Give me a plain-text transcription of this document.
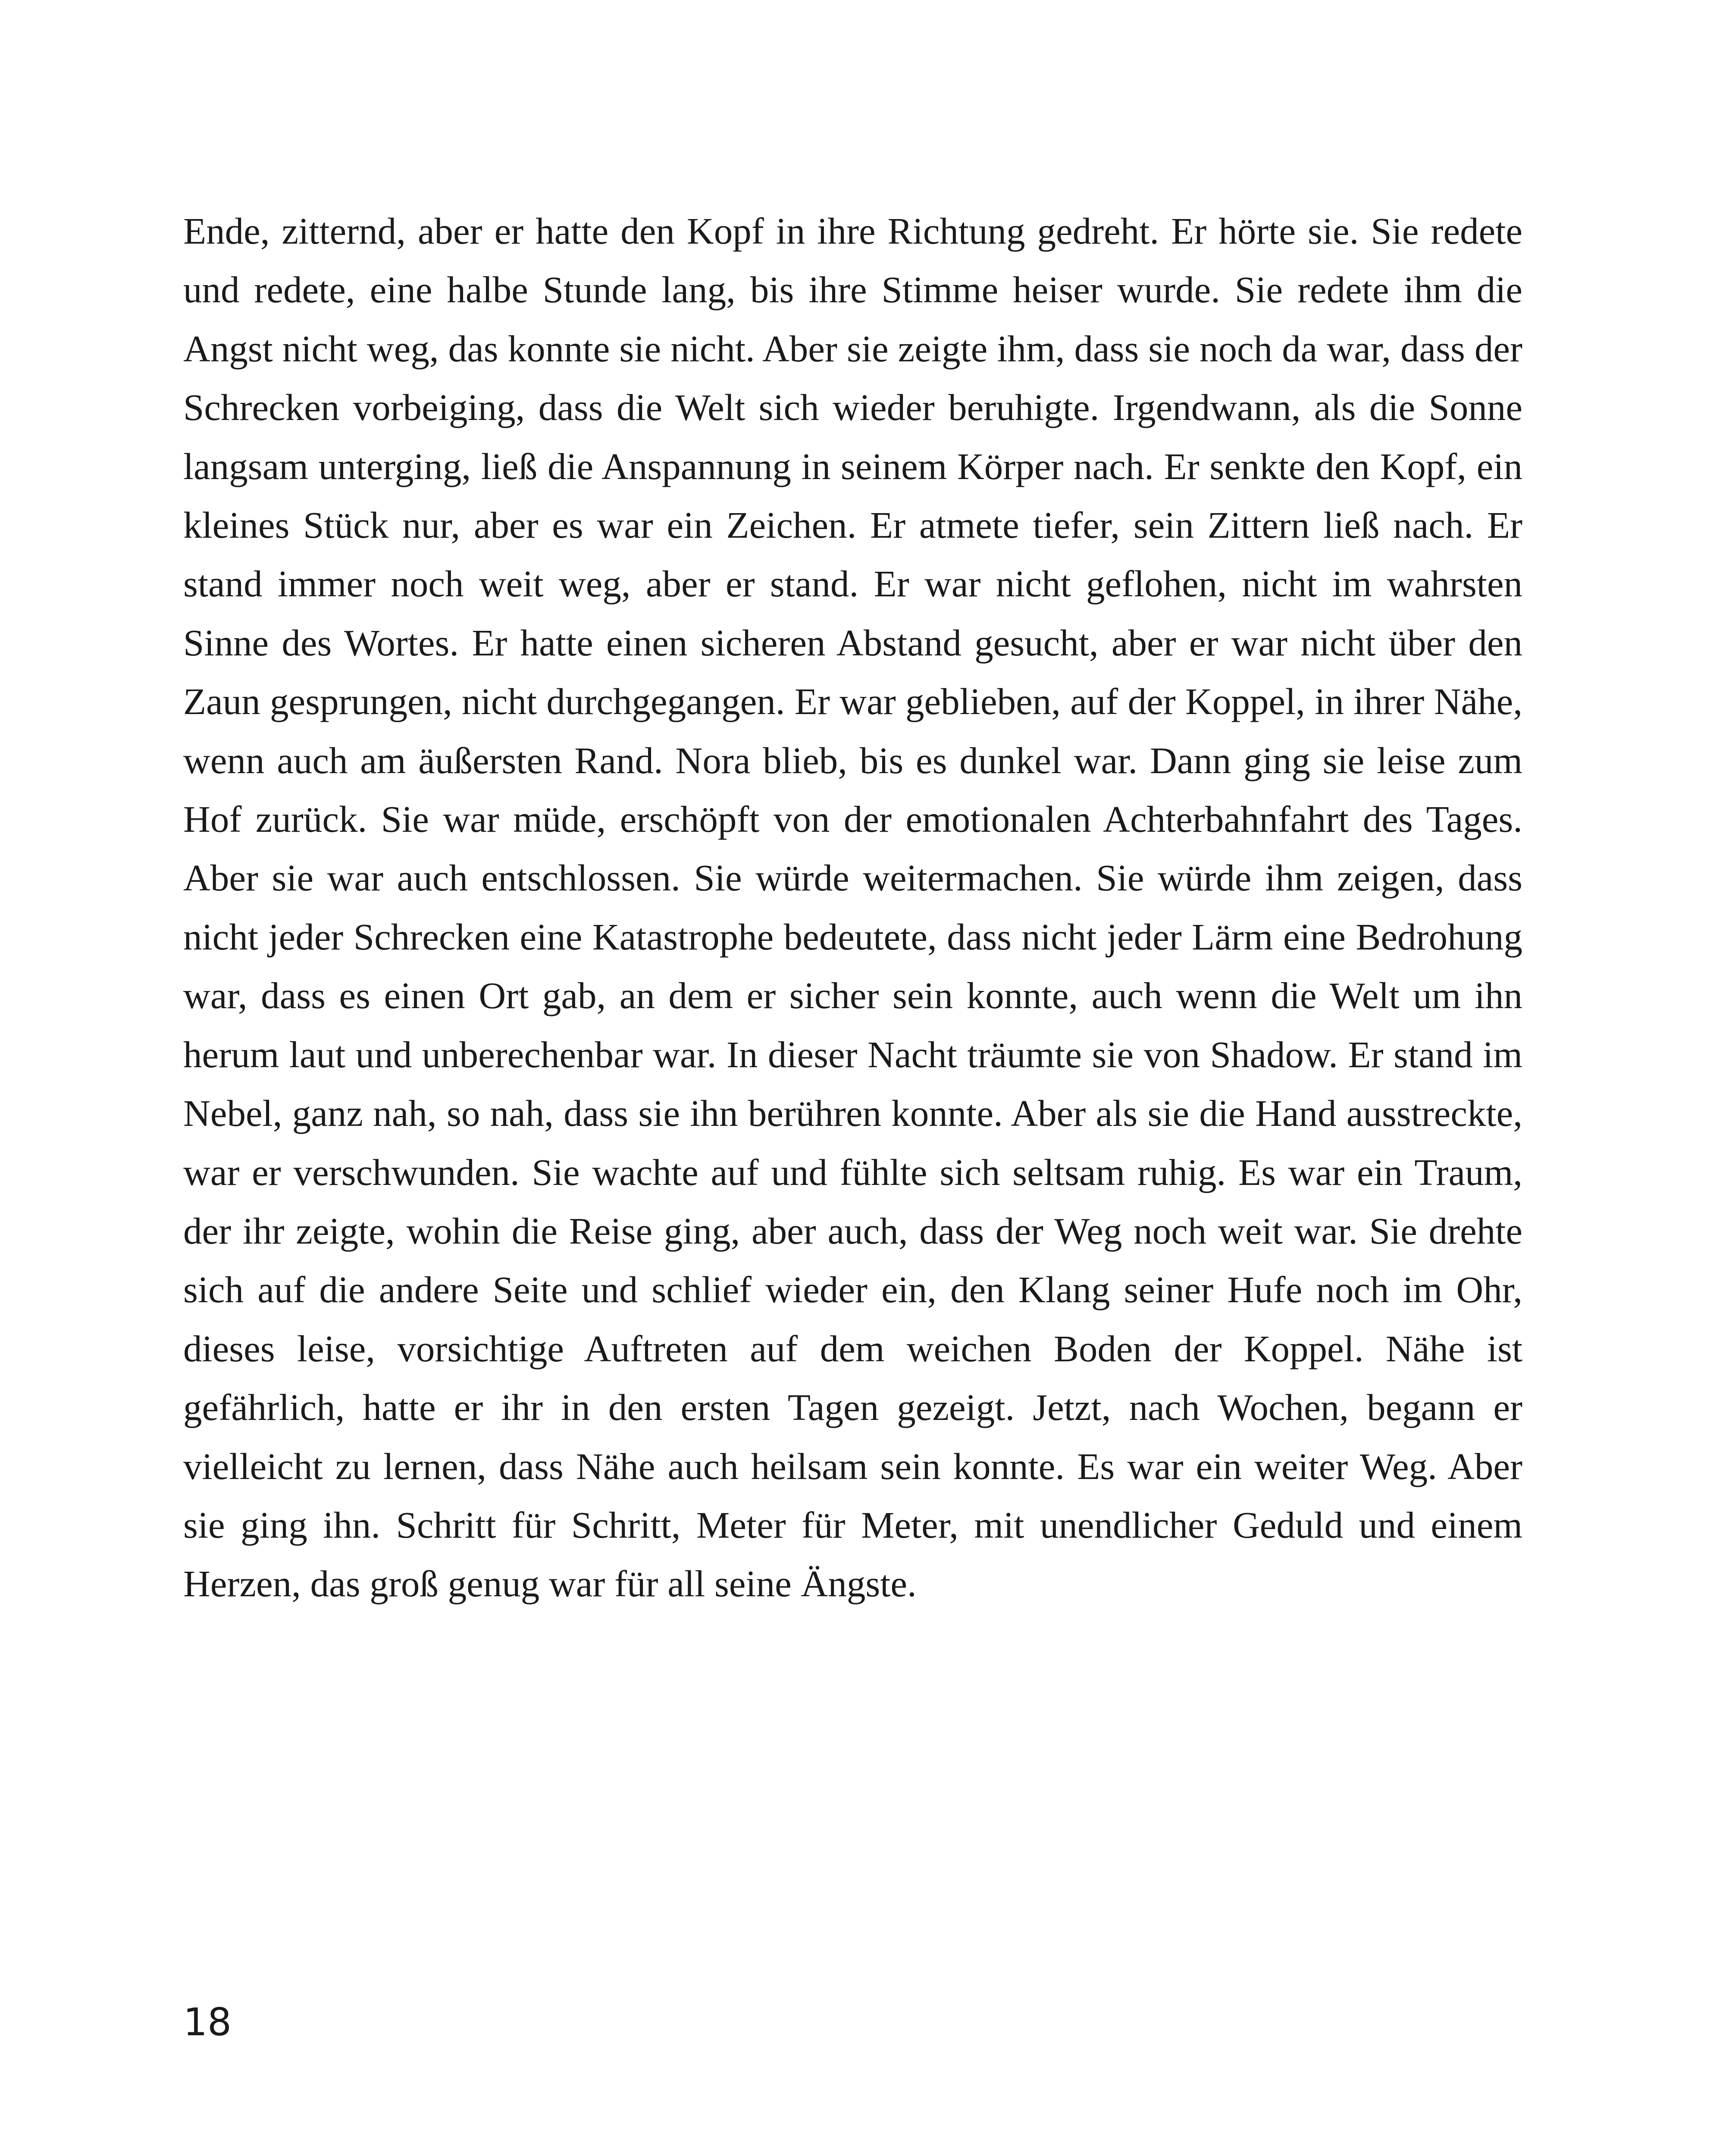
Ende, zitternd, aber er hatte den Kopf in ihre Richtung gedreht. Er hörte sie. Sie redete und redete, eine halbe Stunde lang, bis ihre Stimme heiser wurde. Sie redete ihm die Angst nicht weg, das konnte sie nicht. Aber sie zeigte ihm, dass sie noch da war, dass der Schrecken vorbeiging, dass die Welt sich wieder beruhigte. Irgendwann, als die Sonne langsam unterging, ließ die Anspannung in seinem Körper nach. Er senkte den Kopf, ein kleines Stück nur, aber es war ein Zeichen. Er atmete tiefer, sein Zittern ließ nach. Er stand immer noch weit weg, aber er stand. Er war nicht geflohen, nicht im wahrsten Sinne des Wortes. Er hatte einen sicheren Abstand gesucht, aber er war nicht über den Zaun gesprungen, nicht durchgegangen. Er war geblieben, auf der Koppel, in ihrer Nähe, wenn auch am äußersten Rand. Nora blieb, bis es dunkel war. Dann ging sie leise zum Hof zurück. Sie war müde, erschöpft von der emotionalen Achterbahnfahrt des Tages. Aber sie war auch entschlossen. Sie würde weitermachen. Sie würde ihm zeigen, dass nicht jeder Schrecken eine Katastrophe bedeutete, dass nicht jeder Lärm eine Bedrohung war, dass es einen Ort gab, an dem er sicher sein konnte, auch wenn die Welt um ihn herum laut und unberechenbar war. In dieser Nacht träumte sie von Shadow. Er stand im Nebel, ganz nah, so nah, dass sie ihn berühren konnte. Aber als sie die Hand ausstreckte, war er verschwunden. Sie wachte auf und fühlte sich seltsam ruhig. Es war ein Traum, der ihr zeigte, wohin die Reise ging, aber auch, dass der Weg noch weit war. Sie drehte sich auf die andere Seite und schlief wieder ein, den Klang seiner Hufe noch im Ohr, dieses leise, vorsichtige Auftreten auf dem weichen Boden der Koppel. Nähe ist gefährlich, hatte er ihr in den ersten Tagen gezeigt. Jetzt, nach Wochen, begann er vielleicht zu lernen, dass Nähe auch heilsam sein konnte. Es war ein weiter Weg. Aber sie ging ihn. Schritt für Schritt, Meter für Meter, mit unendlicher Geduld und einem Herzen, das groß genug war für all seine Ängste.

18
